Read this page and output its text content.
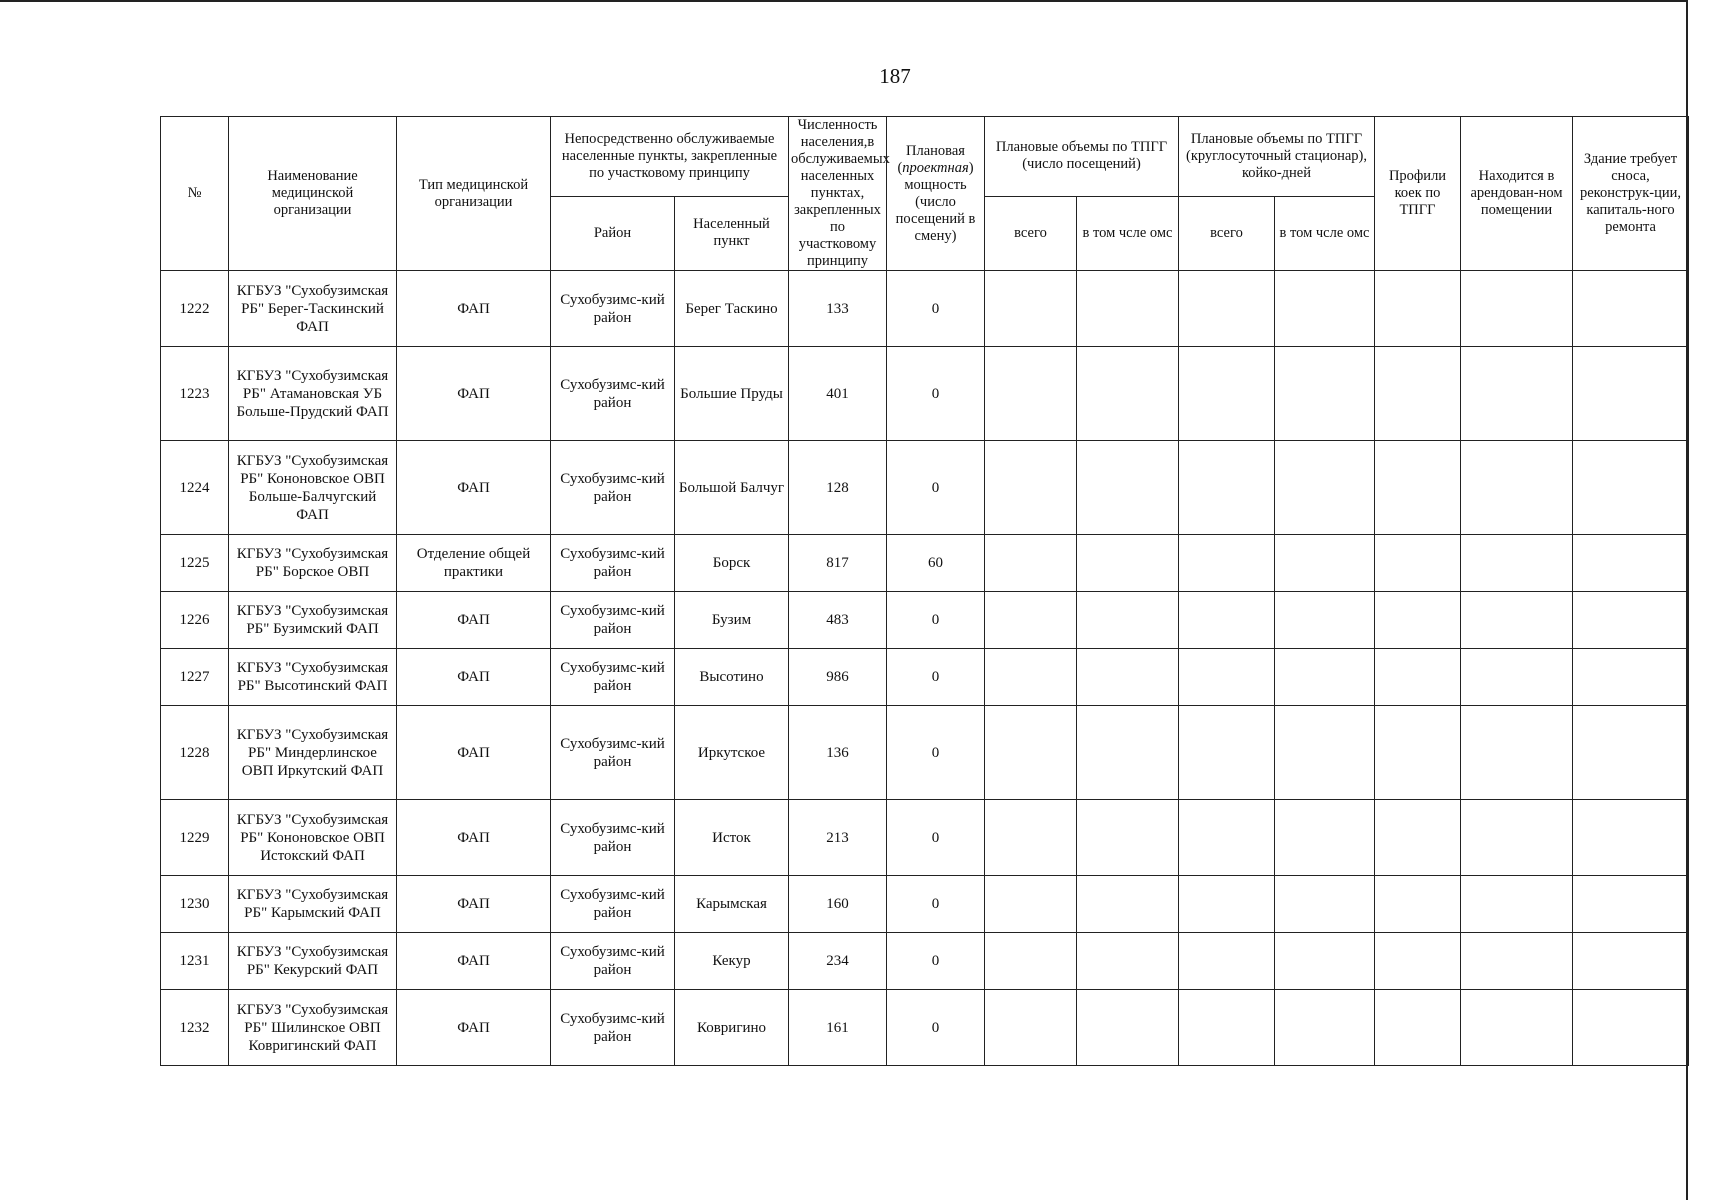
187
№	Наименование медицинской организации	Тип медицинской организации	Непосредственно обслуживаемые населенные пункты, закрепленные по участковому принципу		Численность населения,в обслуживаемых населенных пунктах, закрепленных по участковому принципу	Плановая (проектная) мощность (число посещений в смену)	Плановые объемы по ТПГГ (число посещений)		Плановые объемы по ТПГГ (круглосуточный стационар), койко-дней		Профили коек по ТПГГ	Находится в арендован-ном помещении	Здание требует сноса, реконструк-ции, капиталь-ного ремонта
			Район	Населенный пункт			всего	в том чсле омс	всего	в том чсле омс			
1222	КГБУЗ "Сухобузимская РБ" Берег-Таскинский ФАП	ФАП	Сухобузимс-кий район	Берег Таскино	133	0							
1223	КГБУЗ "Сухобузимская РБ" Атамановская УБ Больше-Прудский ФАП	ФАП	Сухобузимс-кий район	Большие Пруды	401	0							
1224	КГБУЗ "Сухобузимская РБ" Кононовское ОВП Больше-Балчугский ФАП	ФАП	Сухобузимс-кий район	Большой Балчуг	128	0							
1225	КГБУЗ "Сухобузимская РБ" Борское ОВП	Отделение общей практики	Сухобузимс-кий район	Борск	817	60							
1226	КГБУЗ "Сухобузимская РБ" Бузимский ФАП	ФАП	Сухобузимс-кий район	Бузим	483	0							
1227	КГБУЗ "Сухобузимская РБ" Высотинский ФАП	ФАП	Сухобузимс-кий район	Высотино	986	0							
1228	КГБУЗ "Сухобузимская РБ" Миндерлинское ОВП Иркутский ФАП	ФАП	Сухобузимс-кий район	Иркутское	136	0							
1229	КГБУЗ "Сухобузимская РБ" Кононовское ОВП Истокский ФАП	ФАП	Сухобузимс-кий район	Исток	213	0							
1230	КГБУЗ "Сухобузимская РБ" Карымский ФАП	ФАП	Сухобузимс-кий район	Карымская	160	0							
1231	КГБУЗ "Сухобузимская РБ" Кекурский ФАП	ФАП	Сухобузимс-кий район	Кекур	234	0							
1232	КГБУЗ "Сухобузимская РБ" Шилинское ОВП Ковригинский ФАП	ФАП	Сухобузимс-кий район	Ковригино	161	0							
